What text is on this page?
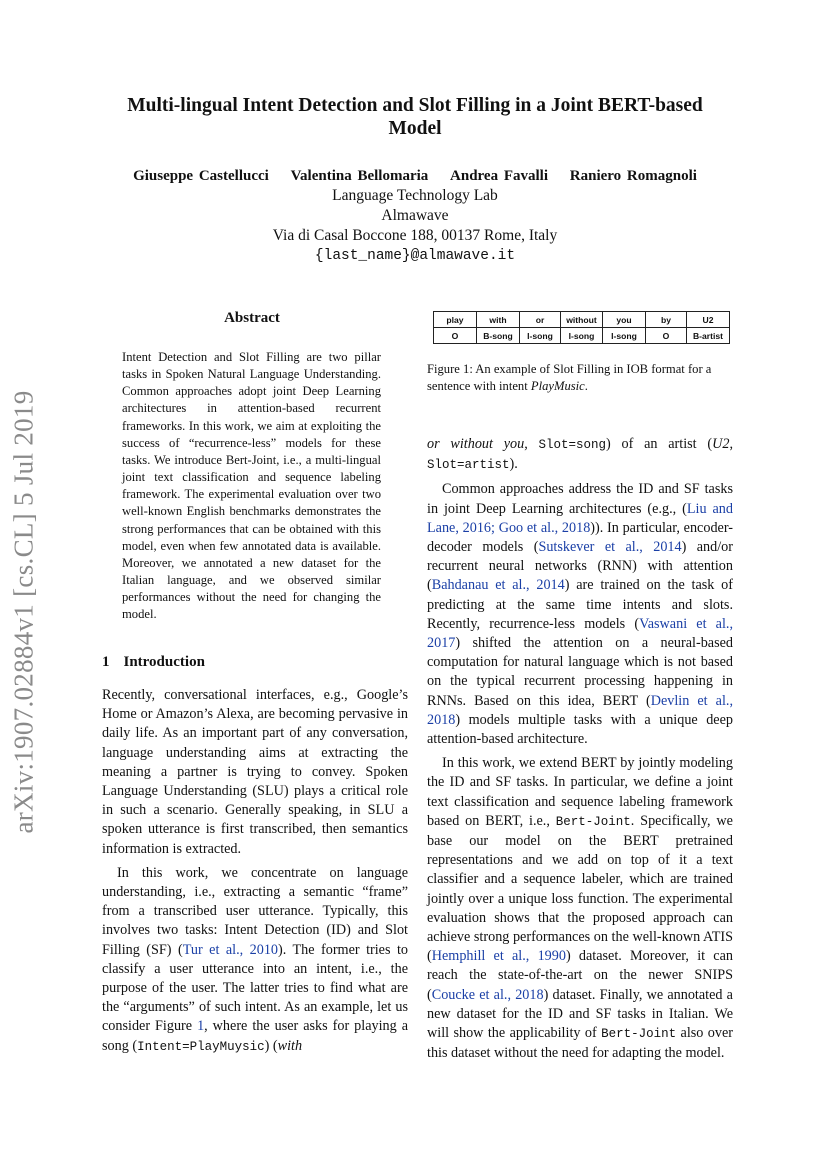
arXiv:1907.02884v1 [cs.CL] 5 Jul 2019
Multi-lingual Intent Detection and Slot Filling in a Joint BERT-based Model
Giuseppe Castellucci Valentina Bellomaria Andrea Favalli Raniero Romagnoli
Language Technology Lab
Almawave
Via di Casal Boccone 188, 00137 Rome, Italy
{last_name}@almawave.it
Abstract
Intent Detection and Slot Filling are two pillar tasks in Spoken Natural Language Understanding. Common approaches adopt joint Deep Learning architectures in attention-based recurrent frameworks. In this work, we aim at exploiting the success of “recurrence-less” models for these tasks. We introduce Bert-Joint, i.e., a multi-lingual joint text classification and sequence labeling framework. The experimental evaluation over two well-known English benchmarks demonstrates the strong performances that can be obtained with this model, even when few annotated data is available. Moreover, we annotated a new dataset for the Italian language, and we observed similar performances without the need for changing the model.
1 Introduction

Recently, conversational interfaces, e.g., Google’s Home or Amazon’s Alexa, are becoming pervasive in daily life. As an important part of any conversation, language understanding aims at extracting the meaning a partner is trying to convey. Spoken Language Understanding (SLU) plays a critical role in such a scenario. Generally speaking, in SLU a spoken utterance is first transcribed, then semantics information is extracted.

In this work, we concentrate on language understanding, i.e., extracting a semantic “frame” from a transcribed user utterance. Typically, this involves two tasks: Intent Detection (ID) and Slot Filling (SF) (Tur et al., 2010). The former tries to classify a user utterance into an intent, i.e., the purpose of the user. The latter tries to find what are the “arguments” of such intent. As an example, let us consider Figure 1, where the user asks for playing a song (Intent=PlayMuysic) (with

play	with	or	without	you	by	U2
O	B-song	I-song	I-song	I-song	O	B-artist
Figure 1: An example of Slot Filling in IOB format for a sentence with intent PlayMusic.

or without you, Slot=song) of an artist (U2, Slot=artist).

Common approaches address the ID and SF tasks in joint Deep Learning architectures (e.g., (Liu and Lane, 2016; Goo et al., 2018)). In particular, encoder-decoder models (Sutskever et al., 2014) and/or recurrent neural networks (RNN) with attention (Bahdanau et al., 2014) are trained on the task of predicting at the same time intents and slots. Recently, recurrence-less models (Vaswani et al., 2017) shifted the attention on a neural-based computation for natural language which is not based on the typical recurrent processing happening in RNNs. Based on this idea, BERT (Devlin et al., 2018) models multiple tasks with a unique deep attention-based architecture.

In this work, we extend BERT by jointly modeling the ID and SF tasks. In particular, we define a joint text classification and sequence labeling framework based on BERT, i.e., Bert-Joint. Specifically, we base our model on the BERT pretrained representations and we add on top of it a text classifier and a sequence labeler, which are trained jointly over a unique loss function. The experimental evaluation shows that the proposed approach can achieve strong performances on the well-known ATIS (Hemphill et al., 1990) dataset. Moreover, it can reach the state-of-the-art on the newer SNIPS (Coucke et al., 2018) dataset. Finally, we annotated a new dataset for the ID and SF tasks in Italian. We will show the applicability of Bert-Joint also over this dataset without the need for adapting the model.
